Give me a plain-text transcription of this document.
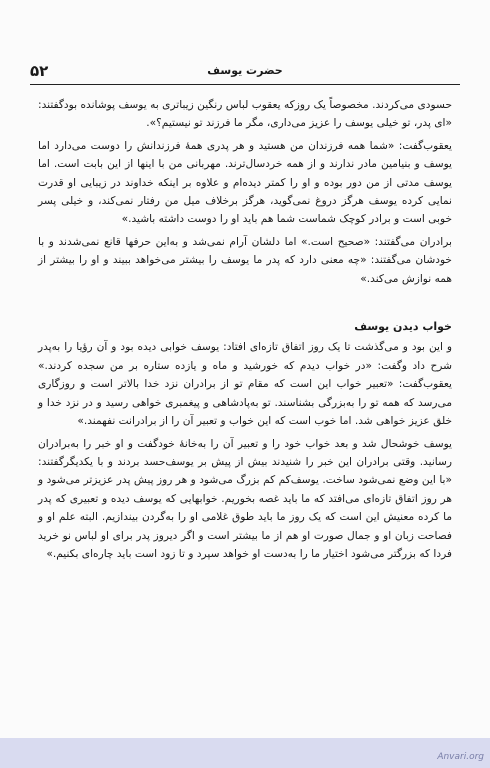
۵۲	حضرت یوسف

حسودی می‌کردند. مخصوصاً یک روزکه یعقوب لباس رنگین زیباتری به یوسف پوشانده بودگفتند: «ای پدر، تو خیلی یوسف را عزیز می‌داری، مگر ما فرزند تو نیستیم؟».

یعقوب‌گفت: «شما همه فرزندان من هستید و هر پدری همهٔ فرزندانش را دوست می‌دارد اما یوسف و بنیامین مادر ندارند و از همه خردسال‌ترند. مهربانی من با اینها از این بابت است. اما یوسف مدتی از من دور بوده و او را کمتر دیده‌ام و علاوه بر اینکه خداوند در زیبایی او قدرت نمایی کرده یوسف هرگز دروغ نمی‌گوید، هرگز برخلاف میل من رفتار نمی‌کند، و خیلی پسر خوبی است و برادر کوچک شماست شما هم باید او را دوست داشته باشید.»

برادران می‌گفتند: «صحیح است.» اما دلشان آرام نمی‌شد و به‌این حرفها قانع نمی‌شدند و با خودشان می‌گفتند: «چه معنی دارد که پدر ما یوسف را بیشتر می‌خواهد ببیند و او را بیشتر از همه نوازش می‌کند.»

خواب دیدن یوسف

و این بود و می‌گذشت تا یک روز اتفاق تازه‌ای افتاد: یوسف خوابی دیده بود و آن رؤیا را به‌پدر شرح داد وگفت: «در خواب دیدم که خورشید و ماه و یازده ستاره بر من سجده کردند.» یعقوب‌گفت: «تعبیر خواب این است که مقام تو از برادران نزد خدا بالاتر است و روزگاری می‌رسد که همه تو را به‌بزرگی بشناسند. تو به‌پادشاهی و پیغمبری خواهی رسید و در نزد خدا و خلق عزیز خواهی شد. اما خوب است که این خواب و تعبیر آن را از برادرانت نفهمند.»

یوسف خوشحال شد و بعد خواب خود را و تعبیر آن را به‌خانهٔ خودگفت و او خبر را به‌برادران رسانید. وقتی برادران این خبر را شنیدند بیش از پیش بر یوسف‌حسد بردند و با یکدیگرگفتند: «با این وضع نمی‌شود ساخت. یوسف‌کم کم بزرگ می‌شود و هر روز پیش پدر عزیزتر می‌شود و هر روز اتفاق تازه‌ای می‌افتد که ما باید غصه بخوریم. خوابهایی که یوسف دیده و تعبیری که پدر ما کرده معنیش این است که یک روز ما باید طوق غلامی او را به‌گردن بیندازیم. البته علم او و فصاحت زبان او و جمال صورت او هم از ما بیشتر است و اگر دیروز پدر برای او لباس نو خرید فردا که بزرگتر می‌شود اختیار ما را به‌دست او خواهد سپرد و تا زود است باید چاره‌ای بکنیم.»

Anvari.org
